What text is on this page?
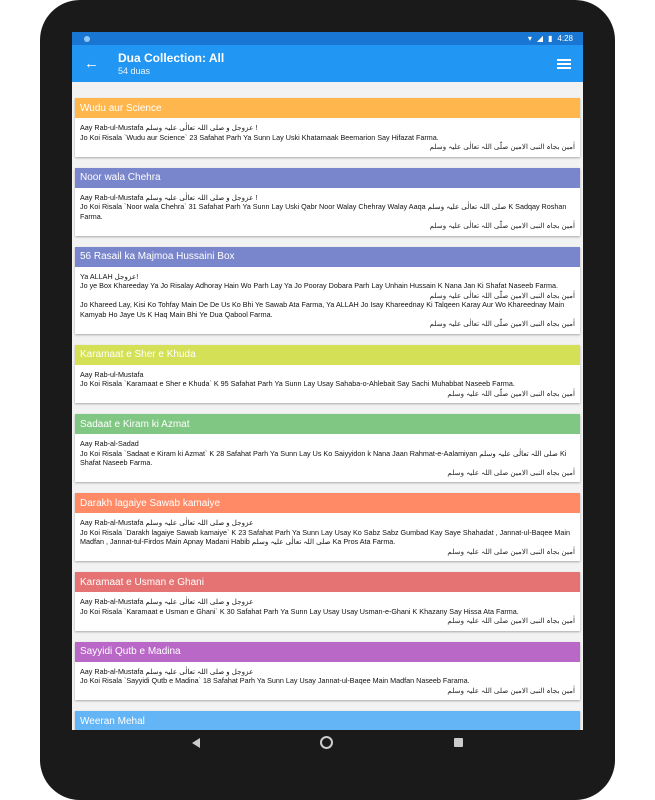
▾ ◢ ▮ 4:28
←	Dua Collection: All
54 duas
Wudu aur Science
Aay Rab-ul-Mustafa عزوجل و صلی اللہ تعالٰی علیہ وسلم !
Jo Koi Risala `Wudu aur Science` 23 Safahat Parh Ya Sunn Lay Uski Khatarnaak Beemarion Say Hifazat Farma.
اٰمین بجاہ النبی الامین صلّی اللہ تعالٰی علیہ وسلم
Noor wala Chehra
Aay Rab-ul-Mustafa عزوجل و صلی اللہ تعالٰی علیہ وسلم !
Jo Koi Risala `Noor wala Chehra` 31 Safahat Parh Ya Sunn Lay Uski Qabr Noor Walay Chehray Walay Aaqa صلی اللہ تعالٰی علیہ وسلم K Sadqay Roshan Farma.
اٰمین بجاہ النبی الامین صلّی اللہ تعالٰی علیہ وسلم
56 Rasail ka Majmoa Hussaini Box
Ya ALLAH عزوجل!
Jo ye Box Khareeday Ya Jo Risalay Adhoray Hain Wo Parh Lay Ya Jo Pooray Dobara Parh Lay Unhain Hussain K Nana Jan Ki Shafat Naseeb Farma.
اٰمین بجاہ النبی الامین صلّی اللہ تعالٰی علیہ وسلم
Jo Khareed Lay, Kisi Ko Tohfay Main De De Us Ko Bhi Ye Sawab Ata Farma, Ya ALLAH Jo Isay Khareednay Ki Talqeen Karay Aur Wo Khareednay Main Kamyab Ho Jaye Us K Haq Main Bhi Ye Dua Qabool Farma.
اٰمین بجاہ النبی الامین صلّی اللہ تعالٰی علیہ وسلم
Karamaat e Sher e Khuda
Aay Rab-ul-Mustafa
Jo Koi Risala `Karamaat e Sher e Khuda` K 95 Safahat Parh Ya Sunn Lay Usay Sahaba-o-Ahlebait Say Sachi Muhabbat Naseeb Farma.
اٰمین بجاہ النبی الامین صلّی اللہ علیہ وسلم
Sadaat e Kiram ki Azmat
Aay Rab-al-Sadad
Jo Koi Risala `Sadaat e Kiram ki Azmat` K 28 Safahat Parh Ya Sunn Lay Us Ko Saiyyidon k Nana Jaan Rahmat-e-Aalamiyan صلی اللہ تعالٰی علیہ وسلم Ki Shafat Naseeb Farma.
اٰمین بجاہ النبی الامین صلی اللہ علیہ وسلم
Darakh lagaiye Sawab kamaiye
Aay Rab-al-Mustafa عزوجل و صلی اللہ تعالٰی علیہ وسلم
Jo Koi Risala `Darakh lagaiye Sawab kamaiye` K 23 Safahat Parh Ya Sunn Lay Usay Ko Sabz Sabz Gumbad Kay Saye Shahadat , Jannat-ul-Baqee Main Madfan , Jannat-tul-Firdos Main Apnay Madani Habib صلی اللہ تعالٰی علیہ وسلم Ka Pros Ata Farma.
اٰمین بجاہ النبی الامین صلی اللہ علیہ وسلم
Karamaat e Usman e Ghani
Aay Rab-al-Mustafa عزوجل و صلی اللہ تعالٰی علیہ وسلم
Jo Koi Risala `Karamaat e Usman e Ghani` K 30 Safahat Parh Ya Sunn Lay Usay Usay Usman-e-Ghani K Khazany Say Hissa Ata Farma.
اٰمین بجاہ النبی الامین صلی اللہ علیہ وسلم
Sayyidi Qutb e Madina
Aay Rab-al-Mustafa عزوجل و صلی اللہ تعالٰی علیہ وسلم
Jo Koi Risala `Sayyidi Qutb e Madina` 18 Safahat Parh Ya Sunn Lay Usay Jannat-ul-Baqee Main Madfan Naseeb Farama.
اٰمین بجاہ النبی الامین صلی اللہ علیہ وسلم
Weeran Mehal
